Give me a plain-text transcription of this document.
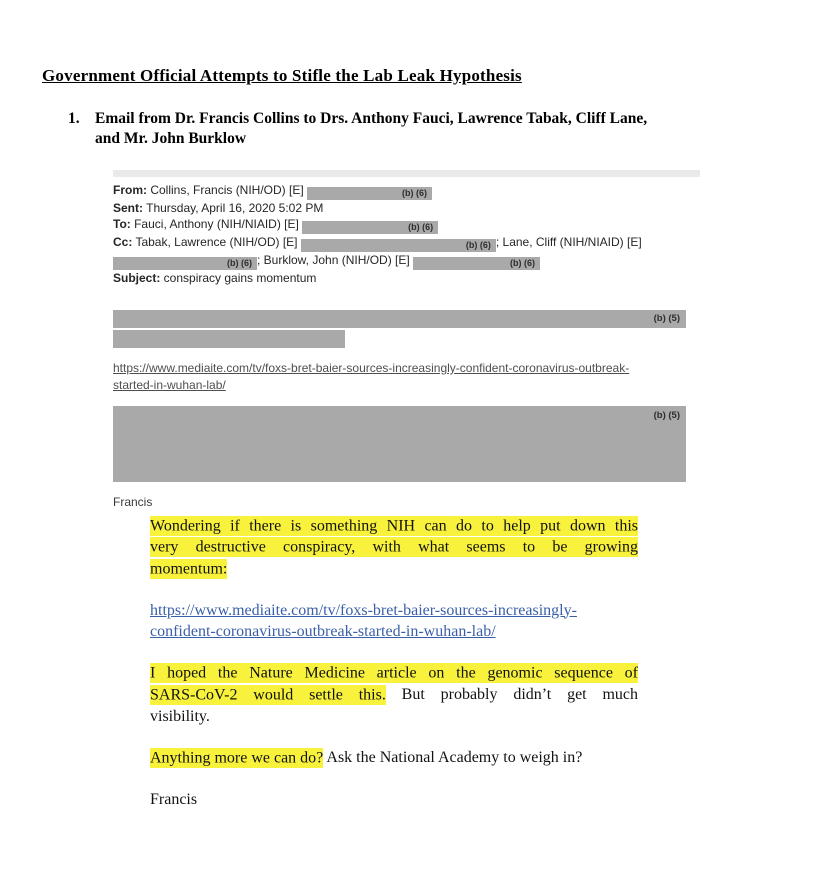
Government Official Attempts to Stifle the Lab Leak Hypothesis
1. Email from Dr. Francis Collins to Drs. Anthony Fauci, Lawrence Tabak, Cliff Lane,
and Mr. John Burklow
From: Collins, Francis (NIH/OD) [E]	(b) (6)
Sent: Thursday, April 16, 2020 5:02 PM
To: Fauci, Anthony (NIH/NIAID) [E]	(b) (6)
Cc: Tabak, Lawrence (NIH/OD) [E]	(b) (6) ; Lane, Cliff (NIH/NIAID) [E]
(b) (6) ; Burklow, John (NIH/OD) [E]	(b) (6)
Subject: conspiracy gains momentum
(b) (5)
https://www.mediaite.com/tv/foxs-bret-baier-sources-increasingly-confident-coronavirus-outbreak-
started-in-wuhan-lab/
(b) (5)
Francis
Wondering if there is something NIH can do to help put down this
very destructive conspiracy, with what seems to be growing
momentum:
https://www.mediaite.com/tv/foxs-bret-baier-sources-increasingly-
confident-coronavirus-outbreak-started-in-wuhan-lab/
I hoped the Nature Medicine article on the genomic sequence of
SARS-CoV-2 would settle this. But probably didn’t get much
visibility.
Anything more we can do? Ask the National Academy to weigh in?
Francis
